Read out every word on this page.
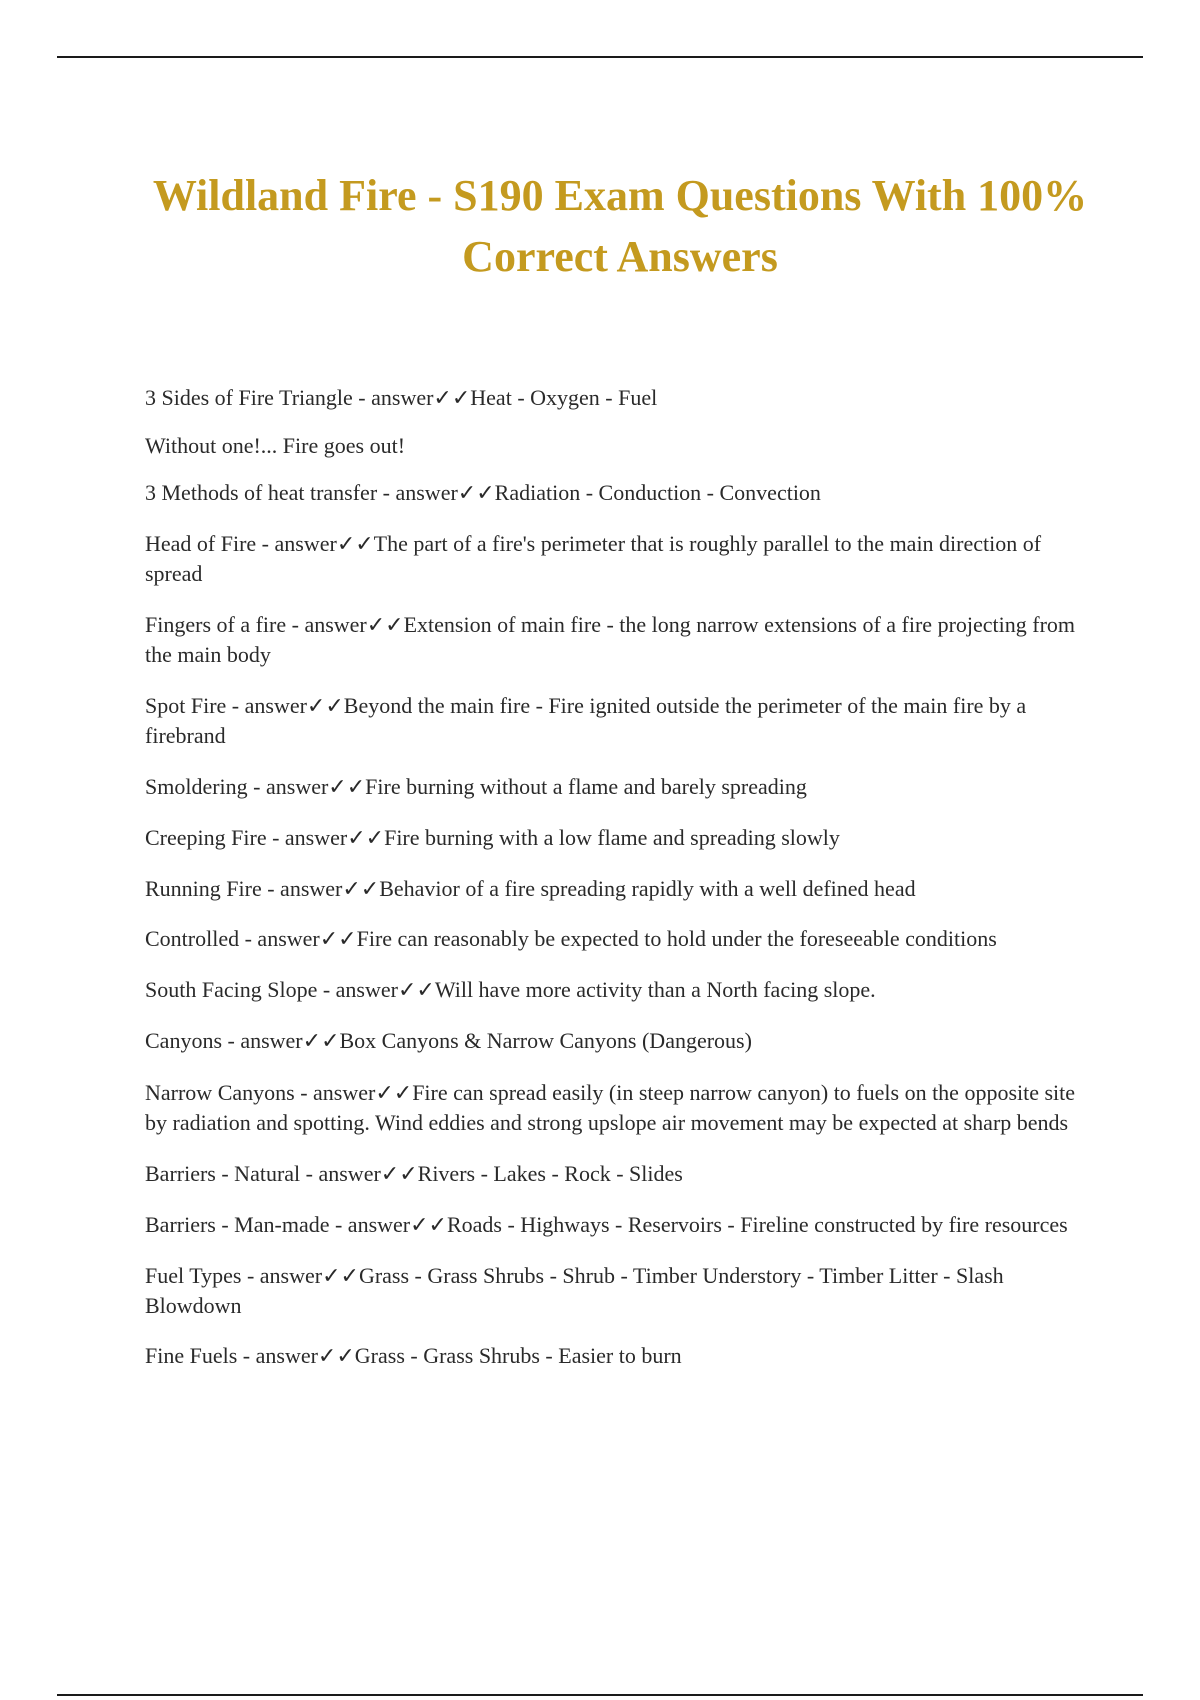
Wildland Fire - S190 Exam Questions With 100% Correct Answers
3 Sides of Fire Triangle - answer✓✓Heat - Oxygen - Fuel
Without one!... Fire goes out!
3 Methods of heat transfer - answer✓✓Radiation - Conduction - Convection
Head of Fire - answer✓✓The part of a fire's perimeter that is roughly parallel to the main direction of spread
Fingers of a fire - answer✓✓Extension of main fire - the long narrow extensions of a fire projecting from the main body
Spot Fire - answer✓✓Beyond the main fire - Fire ignited outside the perimeter of the main fire by a firebrand
Smoldering - answer✓✓Fire burning without a flame and barely spreading
Creeping Fire - answer✓✓Fire burning with a low flame and spreading slowly
Running Fire - answer✓✓Behavior of a fire spreading rapidly with a well defined head
Controlled - answer✓✓Fire can reasonably be expected to hold under the foreseeable conditions
South Facing Slope - answer✓✓Will have more activity than a North facing slope.
Canyons - answer✓✓Box Canyons & Narrow Canyons (Dangerous)
Narrow Canyons - answer✓✓Fire can spread easily (in steep narrow canyon) to fuels on the opposite site by radiation and spotting. Wind eddies and strong upslope air movement may be expected at sharp bends
Barriers - Natural - answer✓✓Rivers - Lakes - Rock - Slides
Barriers - Man-made - answer✓✓Roads - Highways - Reservoirs - Fireline constructed by fire resources
Fuel Types - answer✓✓Grass - Grass Shrubs - Shrub - Timber Understory - Timber Litter - Slash Blowdown
Fine Fuels - answer✓✓Grass - Grass Shrubs - Easier to burn
